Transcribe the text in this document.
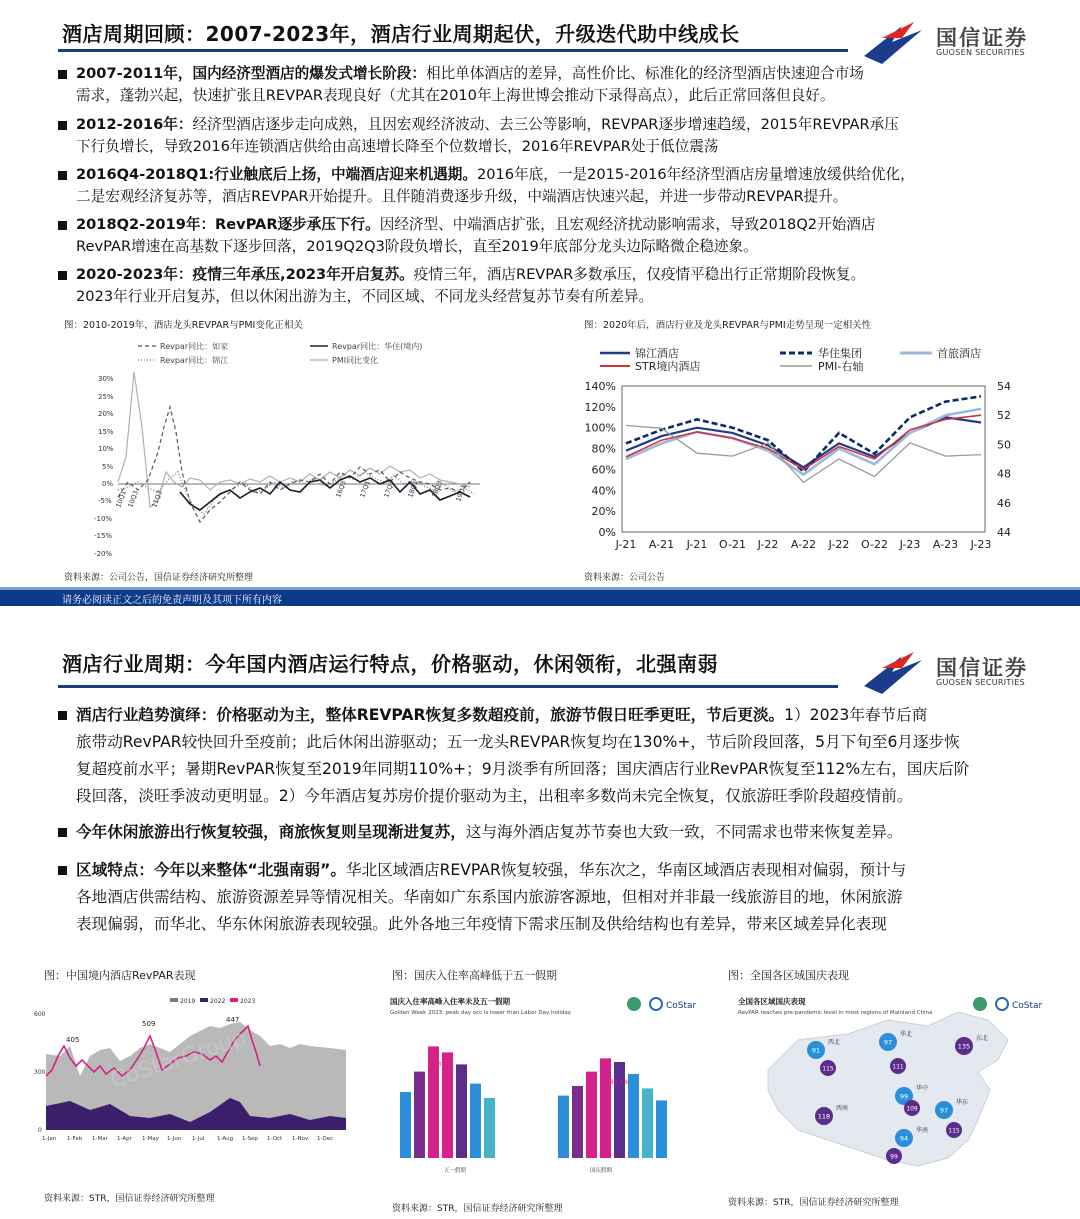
酒店周期回顾：2007-2023年，酒店行业周期起伏，升级迭代助中线成长	国信证券
GUOSEN SECURITIES
2007-2011年，国内经济型酒店的爆发式增长阶段：相比单体酒店的差异，高性价比、标准化的经济型酒店快速迎合市场
需求，蓬勃兴起，快速扩张且REVPAR表现良好（尤其在2010年上海世博会推动下录得高点），此后正常回落但良好。
2012-2016年：经济型酒店逐步走向成熟，且因宏观经济波动、去三公等影响，REVPAR逐步增速趋缓，2015年REVPAR承压
下行负增长，导致2016年连锁酒店供给由高速增长降至个位数增长，2016年REVPAR处于低位震荡
2016Q4-2018Q1:行业触底后上扬，中端酒店迎来机遇期。2016年底，一是2015-2016年经济型酒店房量增速放缓供给优化，
二是宏观经济复苏等，酒店REVPAR开始提升。且伴随消费逐步升级，中端酒店快速兴起，并进一步带动REVPAR提升。
2018Q2-2019年：RevPAR逐步承压下行。因经济型、中端酒店扩张，且宏观经济扰动影响需求，导致2018Q2开始酒店
RevPAR增速在高基数下逐步回落，2019Q2Q3阶段负增长，直至2019年底部分龙头边际略微企稳迹象。
2020-2023年：疫情三年承压,2023年开启复苏。疫情三年，酒店REVPAR多数承压，仅疫情平稳出行正常期阶段恢复。
2023年行业开启复苏，但以休闲出游为主，不同区域、不同龙头经营复苏节奏有所差异。
图：2010-2019年，酒店龙头REVPAR与PMI变化正相关
Revpar同比：如家
Revpar同比：锦江
Revpar同比：华住(境内)
PMI同比变化
30%
25%
20%
15%
10%
5%
0%
-5%
-10%
-15%
-20%
10Q1
10Q3 11Q3
16Q3 17Q1 17Q3 18Q1 18Q3 19Q1
资料来源：公司公告，国信证券经济研究所整理
图：2020年后，酒店行业及龙头REVPAR与PMI走势呈现一定相关性
锦江酒店
STR境内酒店
华住集团
PMI-右轴
首旅酒店
0%
20%
40%
60%
80%
100%
120%
140%
44
46
48
50
52
54
J-21 A-21 J-21 O-21 J-22 A-22 J-22 O-22 J-23 A-23 J-23
资料来源：公司公告
请务必阅读正文之后的免责声明及其项下所有内容
酒店行业周期：今年国内酒店运行特点，价格驱动，休闲领衔，北强南弱	国信证券
GUOSEN SECURITIES
酒店行业趋势演绎：价格驱动为主，整体REVPAR恢复多数超疫前，旅游节假日旺季更旺，节后更淡。1）2023年春节后商
旅带动RevPAR较快回升至疫前；此后休闲出游驱动；五一龙头REVPAR恢复均在130%+，节后阶段回落，5月下旬至6月逐步恢
复超疫前水平；暑期RevPAR恢复至2019年同期110%+；9月淡季有所回落；国庆酒店行业RevPAR恢复至112%左右，国庆后阶
段回落，淡旺季波动更明显。2）今年酒店复苏房价提价驱动为主，出租率多数尚未完全恢复，仅旅游旺季阶段超疫情前。
今年休闲旅游出行恢复较强，商旅恢复则呈现渐进复苏，这与海外酒店复苏节奏也大致一致，不同需求也带来恢复差异。
区域特点：今年以来整体“北强南弱”。华北区域酒店REVPAR恢复较强，华东次之，华南区域酒店表现相对偏弱，预计与
各地酒店供需结构、旅游资源差异等情况相关。华南如广东系国内旅游客源地，但相对并非最一线旅游目的地，休闲旅游
表现偏弱，而华北、华东休闲旅游表现较强。此外各地三年疫情下需求压制及供给结构也有差异，带来区域差异化表现
图：中国境内酒店RevPAR表现
2019 2022 2023
600
300
0
405
509	447
1-Jan 1-Feb 1-Mar 1-Apr 1-May 1-Jun 1-Jul 1-Aug 1-Sep 1-Oct 1-Nov 1-Dec
CoStarGroup
资料来源：STR，国信证券经济研究所整理
图：国庆入住率高峰低于五一假期
国庆入住率高峰入住率未及五一假期
Golden Week 2023: peak day occ is lower than Labor Day holiday
CoStar
93.3%
83.1%
五一假期	国庆假期
资料来源：STR，国信证券经济研究所整理
图：全国各区域国庆表现
全国各区域国庆表现
RevPAR reaches pre-pandemic level in most regions of Mainland China
CoStar
135
东北
97
华北
91
西北
99
华中
118
西南	97
华东
94
华南
115	111
109
115
99
资料来源：STR，国信证券经济研究所整理
